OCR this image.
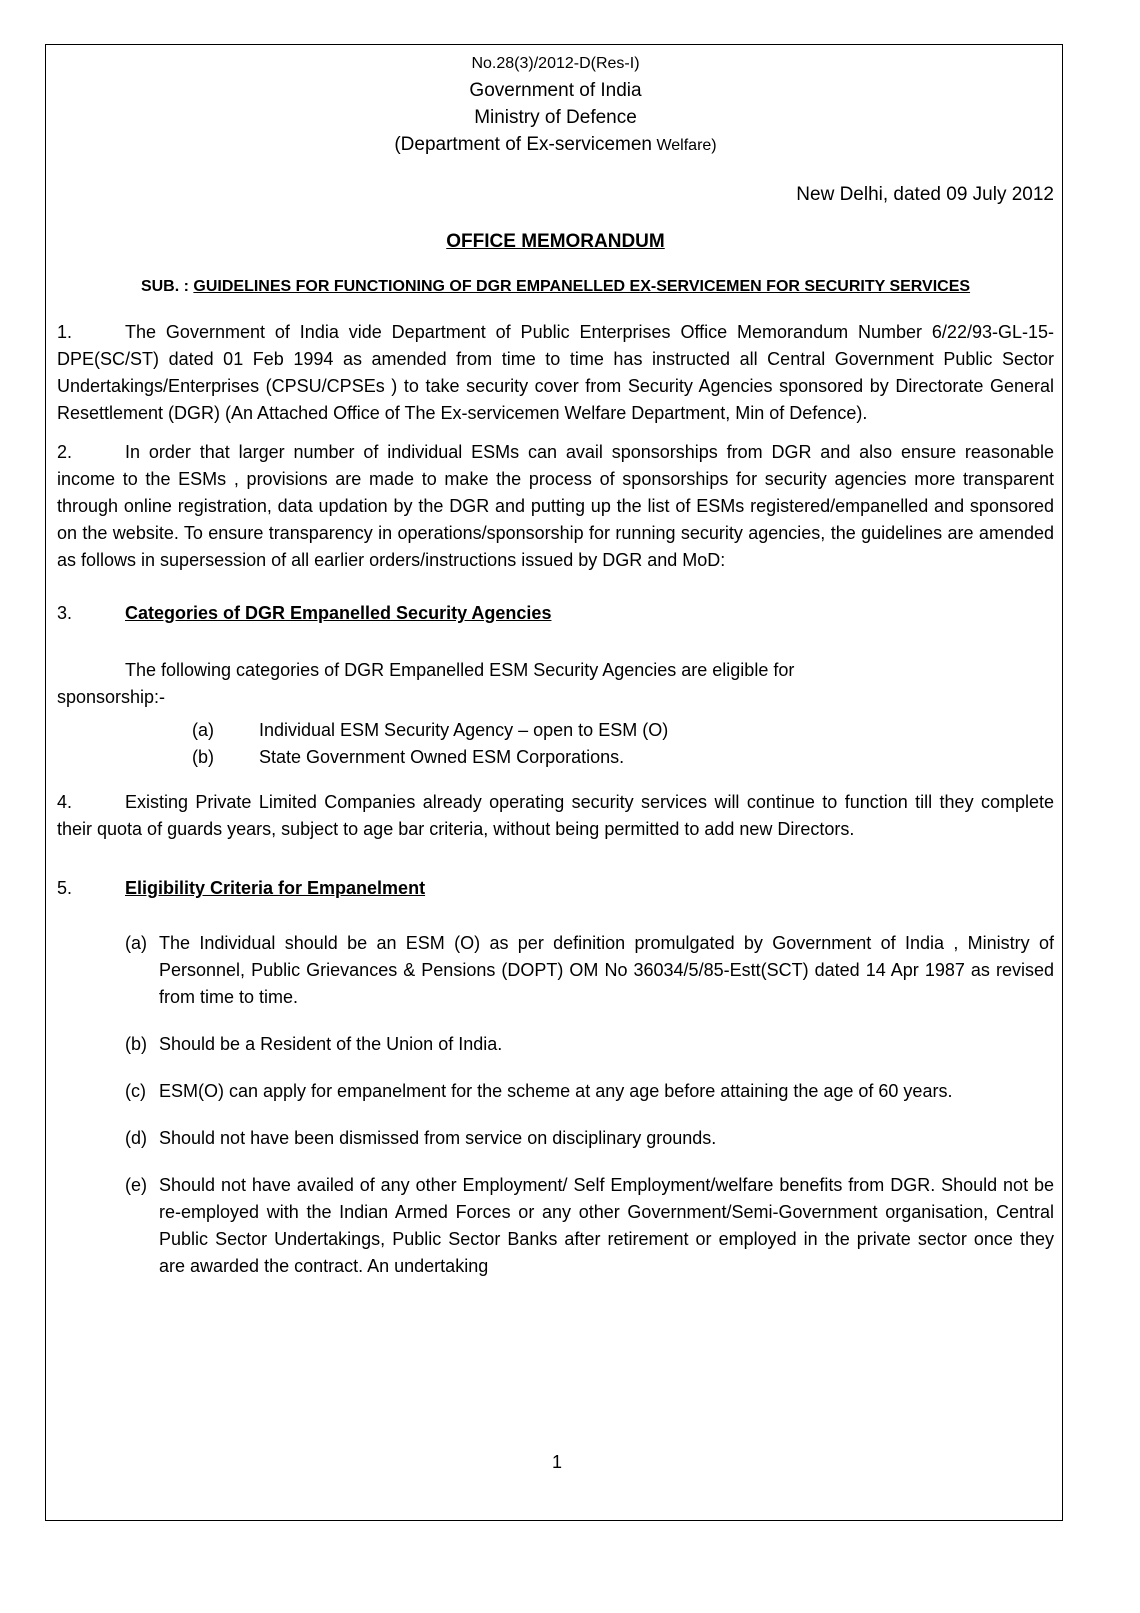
No.28(3)/2012-D(Res-I)
Government of India
Ministry of Defence
(Department of Ex-servicemen Welfare)
New Delhi, dated 09 July 2012
OFFICE MEMORANDUM
SUB. : GUIDELINES FOR FUNCTIONING OF DGR EMPANELLED EX-SERVICEMEN FOR SECURITY SERVICES
1.	The Government of India vide Department of Public Enterprises Office Memorandum Number 6/22/93-GL-15-DPE(SC/ST) dated 01 Feb 1994 as amended from time to time has instructed all Central Government Public Sector Undertakings/Enterprises (CPSU/CPSEs ) to take security cover from Security Agencies sponsored by Directorate General Resettlement (DGR) (An Attached Office of The Ex-servicemen Welfare Department, Min of Defence).
2.	In order that larger number of individual ESMs can avail sponsorships from DGR and also ensure reasonable income to the ESMs , provisions are made to make the process of sponsorships for security agencies more transparent through online registration, data updation by the DGR and putting up the list of ESMs registered/empanelled and sponsored on the website. To ensure transparency in operations/sponsorship for running security agencies, the guidelines are amended as follows in supersession of all earlier orders/instructions issued by DGR and MoD:
3.	Categories of DGR Empanelled Security Agencies
The following categories of DGR Empanelled ESM Security Agencies are eligible for
sponsorship:-
(a)	Individual ESM Security Agency – open to ESM (O)
(b)	State Government Owned ESM Corporations.
4.	Existing Private Limited Companies already operating security services will continue to function till they complete their quota of guards years, subject to age bar criteria, without being permitted to add new Directors.
5.	Eligibility Criteria for Empanelment
(a) The Individual should be an ESM (O) as per definition promulgated by Government of India , Ministry of Personnel, Public Grievances & Pensions (DOPT) OM No 36034/5/85-Estt(SCT) dated 14 Apr 1987 as revised from time to time.
(b) Should be a Resident of the Union of India.
(c) ESM(O) can apply for empanelment for the scheme at any age before attaining the age of 60 years.
(d) Should not have been dismissed from service on disciplinary grounds.
(e) Should not have availed of any other Employment/ Self Employment/welfare benefits from DGR. Should not be re-employed with the Indian Armed Forces or any other Government/Semi-Government organisation, Central Public Sector Undertakings, Public Sector Banks after retirement or employed in the private sector once they are awarded the contract. An undertaking
1
